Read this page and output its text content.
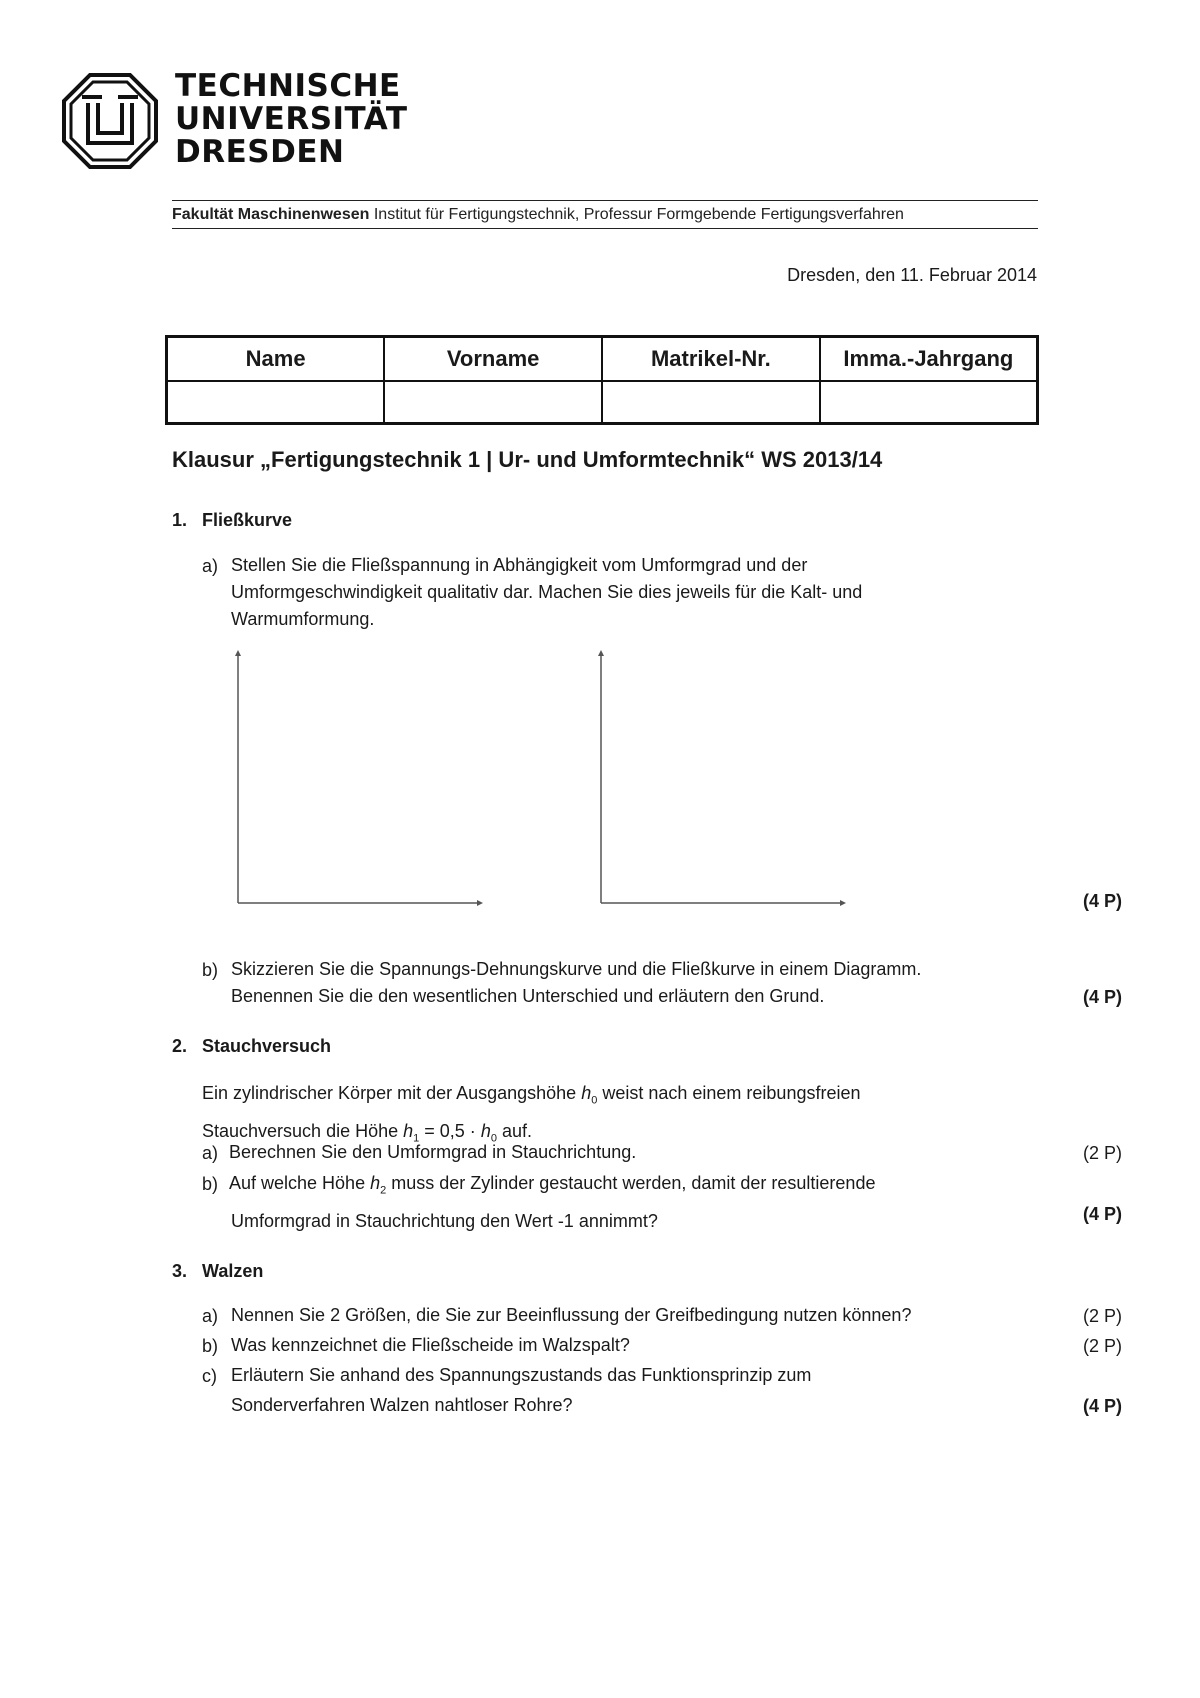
TECHNISCHE
UNIVERSITÄT
DRESDEN
Fakultät Maschinenwesen Institut für Fertigungstechnik, Professur Formgebende Fertigungsverfahren
Dresden, den 11. Februar 2014
Name	Vorname	Matrikel-Nr.	Imma.-Jahrgang

Klausur „Fertigungstechnik 1 | Ur- und Umformtechnik“ WS 2013/14
1. Fließkurve
a) Stellen Sie die Fließspannung in Abhängigkeit vom Umformgrad und der
Umformgeschwindigkeit qualitativ dar. Machen Sie dies jeweils für die Kalt- und
Warmumformung.
(4 P)
b) Skizzieren Sie die Spannungs-Dehnungskurve und die Fließkurve in einem Diagramm.
Benennen Sie die den wesentlichen Unterschied und erläutern den Grund.	(4 P)
2. Stauchversuch
Ein zylindrischer Körper mit der Ausgangshöhe $h_0$ weist nach einem reibungsfreien
Stauchversuch die Höhe $h_1 = 0,5 \cdot h_0$ auf.
a) Berechnen Sie den Umformgrad in Stauchrichtung.	(2 P)
b) Auf welche Höhe $h_2$ muss der Zylinder gestaucht werden, damit der resultierende
Umformgrad in Stauchrichtung den Wert -1 annimmt?	(4 P)
3. Walzen
a) Nennen Sie 2 Größen, die Sie zur Beeinflussung der Greifbedingung nutzen können?	(2 P)
b) Was kennzeichnet die Fließscheide im Walzspalt?	(2 P)
c) Erläutern Sie anhand des Spannungszustands das Funktionsprinzip zum
Sonderverfahren Walzen nahtloser Rohre?	(4 P)
